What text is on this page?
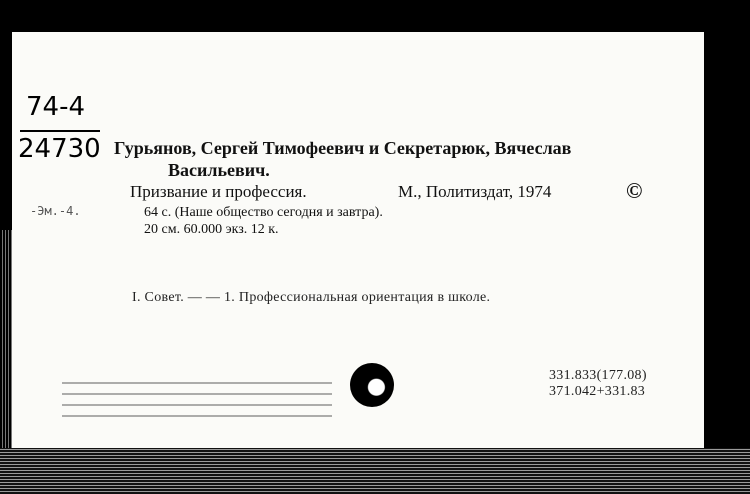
74-4
24730 Гурьянов, Сергей Тимофеевич и Секретарюк, Вячеслав
Васильевич.
Призвание и профессия.	М., Политиздат, 1974	©
64 с. (Наше общество сегодня и завтра).
20 см. 60.000 экз. 12 к.
-Эм.-4.
I. Совет. — — 1. Профессиональная ориентация в школе.
331.833(177.08)
371.042+331.83
